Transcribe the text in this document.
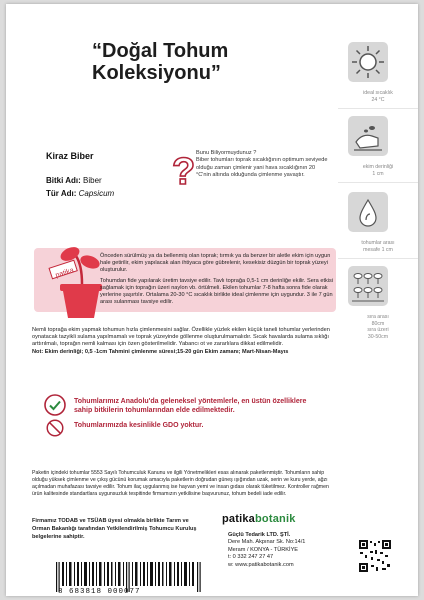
“Doğal Tohum
Koleksiyonu”
Kiraz Biber
Bitki Adı: Biber
Tür Adı: Capsicum
? Bunu Biliyormuydunuz ?
Biber tohumları toprak sıcaklığının optimum seviyede olduğu zaman çimlenir yani hava sıcaklığının 20 °C'nin altında olduğunda çimlenme yavaştır.
patika
Önceden sürülmüş ya da bellenmiş olan toprak; tırmık ya da benzer bir aletle ekim için uygun hale getirilir, ekim yapılacak alan ihtiyaca göre gübrelenir, kesekisiz düzgün bir toprak yüzeyi oluşturulur.
Tohumdan fide yapılarak üretim tavsiye edilir. Tavlı toprağa 0,5-1 cm derinliğe ekilir. Sera etkisi sağlamak için toprağın üzeri naylon vb. örtülmeli. Ekilen tohumlar 7-8 hafta sonra fide olarak yerlerine şaşırtılır. Ortalama 20-30 °C sıcaklık birlikte ideal çimlenme için uygundur. 3 ile 7 gün arası sulanması tavsiye edilir.
Nemli toprağa ekim yapmak tohumun hızla çimlenmesini sağlar. Özellikle yüzlek ekilen küçük taneli tohumlar yerlerinden oynatacak tazyikli sulama yapılmamalı ve toprak yüzeyinde göllenme oluşturulmamalıdır. Sıcak havalarda sulama sıklığı arttırılmalı, toprağın nemli kalması için özen gösterilmelidir. Yabancı ot ve zararlılara dikkat edilmelidir.
Not: Ekim derinliği; 0,5 -1cm Tahmini çimlenme süresi;15-20 gün Ekim zamanı; Mart-Nisan-Mayıs
Tohumlarımız Anadolu'da geleneksel yöntemlerle, en üstün özelliklere sahip bitkilerin tohumlarından elde edilmektedir.
Tohumlarımızda kesinlikle GDO yoktur.
Paketin içindeki tohumlar 5553 Sayılı Tohumculuk Kanunu ve ilgili Yönetmelikleri esas alınarak paketlenmiştir. Tohumların sahip olduğu yüksek çimlenme ve çıkış gücünü korumak amacıyla paketlerin doğrudan güneş ışığından uzak, serin ve kuru yerde, ağzı açılmadan muhafazası tavsiye edilir. Tohum ilaç uygulanmış ise hayvan yemi ve insan gıdası olarak tüketilmez. Kontroller rağmen ürün kalitesinde standartlara uygunsuzluk tespitinde firmamızın yetkilisine başvurunuz, tohum bedeli iade edilir.
Firmamız TODAB ve TSÜAB üyesi olmakla birlikte Tarım ve Orman Bakanlığı tarafından Yetkilendirilmiş Tohumcu Kuruluş belgelerine sahiptir.
patikabotanik
Güçlü Tedarik LTD. ŞTİ.
Dere Mah. Akpınar Sk. No:14/1
Meram / KONYA - TÜRKİYE
t: 0 332 247 27 47
w: www.patikabotanik.com
8 683818 000077
ideal sıcaklık
24 °C
ekim derinliği
1 cm
tohumlar arası
mesafe 1 cm
sıra arası
80cm
sıra üzeri
30-50cm
